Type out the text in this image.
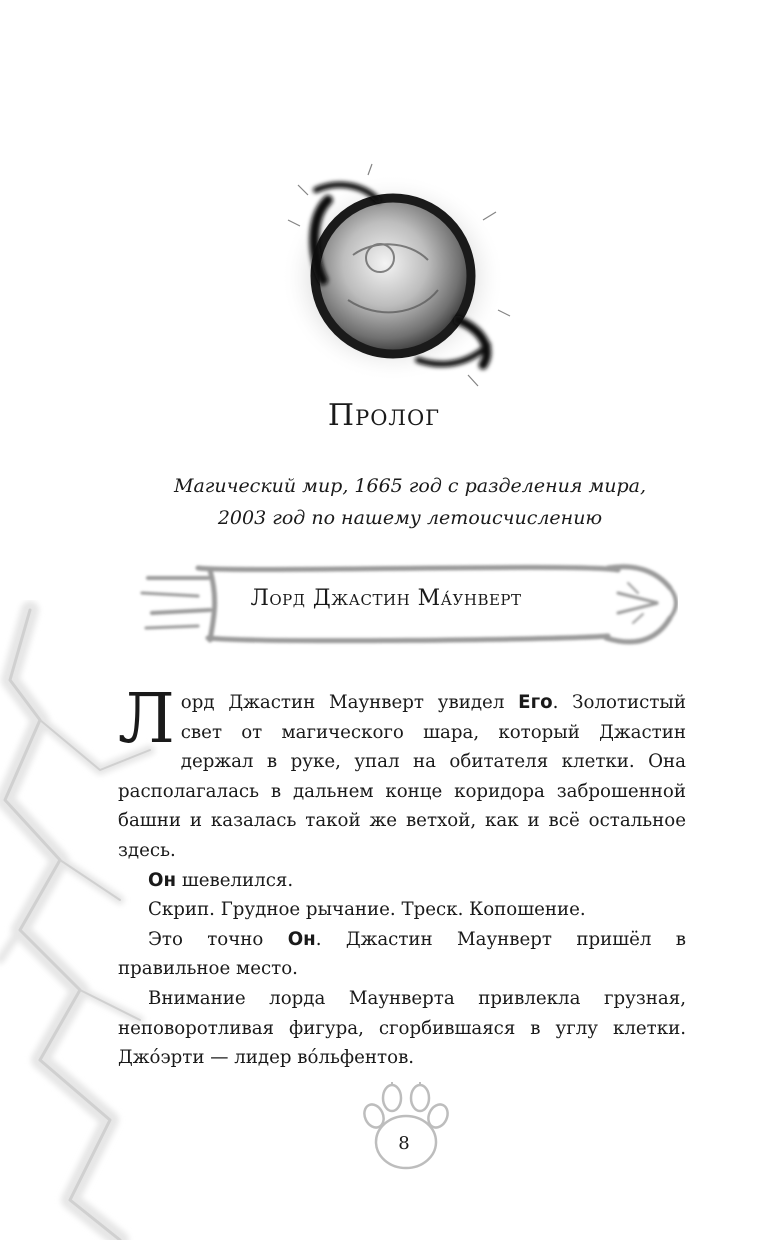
Пролог
Магический мир, 1665 год с разделения мира,
2003 год по нашему летоисчислению
Лорд Джастин Ма́унверт

Лорд Джастин Маунверт увидел Его. Золотистый свет от магического шара, который Джастин держал в руке, упал на обитателя клетки. Она располагалась в дальнем конце коридора заброшенной башни и казалась такой же ветхой, как и всё остальное здесь.

Он шевелился.

Скрип. Грудное рычание. Треск. Копошение.

Это точно Он. Джастин Маунверт пришёл в правильное место.

Внимание лорда Маунверта привлекла грузная, неповоротливая фигура, сгорбившаяся в углу клетки. Джо́эрти — лидер во́льфентов.

8
